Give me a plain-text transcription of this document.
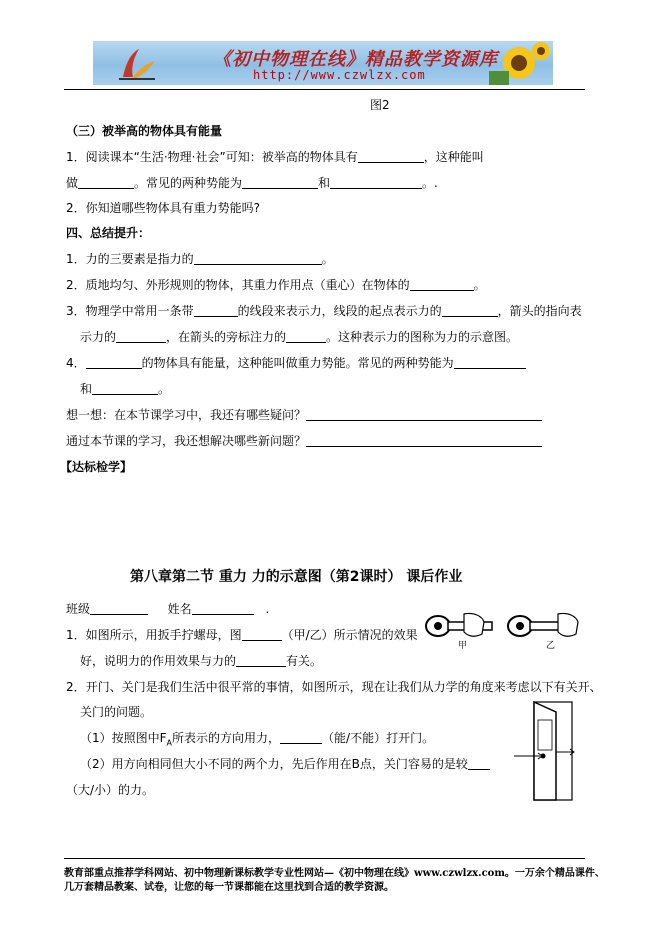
《初中物理在线》精品教学资源库
http://www.czwlzx.com
图2
（三）被举高的物体具有能量
1．阅读课本“生活·物理·社会”可知：被举高的物体具有	，这种能叫
做	。常见的两种势能为	和	。.
2．你知道哪些物体具有重力势能吗?
四、总结提升：
1．力的三要素是指力的	。
2．质地均匀、外形规则的物体，其重力作用点（重心）在物体的	。
3．物理学中常用一条带	的线段来表示力，线段的起点表示力的	，箭头的指向表
示力的	，在箭头的旁标注力的	。这种表示力的图称为力的示意图。
4．	的物体具有能量，这种能叫做重力势能。常见的两种势能为
和	。
想一想：在本节课学习中，我还有哪些疑问？
通过本节课的学习，我还想解决哪些新问题？
【达标检学】
第八章第二节 重力 力的示意图（第2课时） 课后作业
班级	姓名	.
1．如图所示，用扳手拧螺母，图	（甲/乙）所示情况的效果
好，说明力的作用效果与力的	有关。
甲	乙
2．开门、关门是我们生活中很平常的事情，如图所示，现在让我们从力学的角度来考虑以下有关开、
关门的问题。
（1）按照图中$F_A$所表示的方向用力，	（能/不能）打开门。
（2）用方向相同但大小不同的两个力，先后作用在B点，关门容易的是较
（大/小）的力。
教育部重点推荐学科网站、初中物理新课标教学专业性网站—《初中物理在线》www.czwlzx.com。一万余个精品课件、
几万套精品教案、试卷，让您的每一节课都能在这里找到合适的教学资源。
